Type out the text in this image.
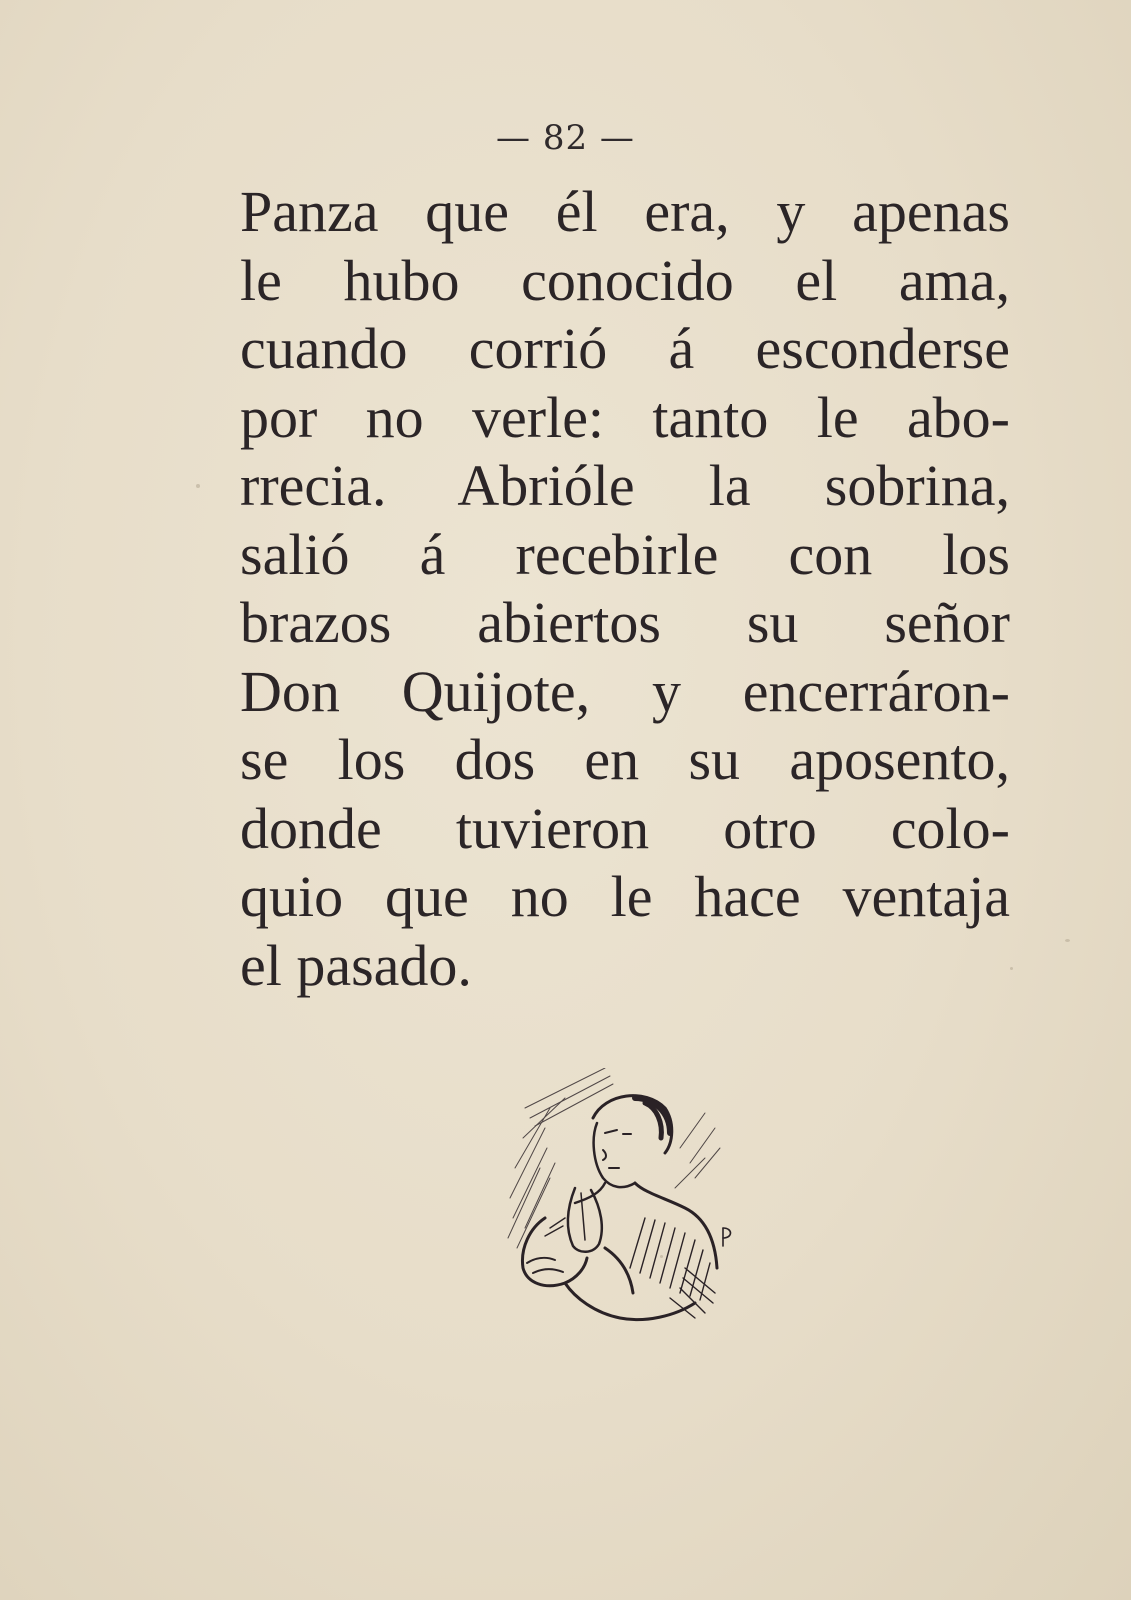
— 82 —
Panza que él era, y apenas
le hubo conocido el ama,
cuando corrió á esconderse
por no verle: tanto le abo-
rrecia. Abrióle la sobrina,
salió á recebirle con los
brazos abiertos su señor
Don Quijote, y encerráron-
se los dos en su aposento,
donde tuvieron otro colo-
quio que no le hace ventaja
el pasado.
